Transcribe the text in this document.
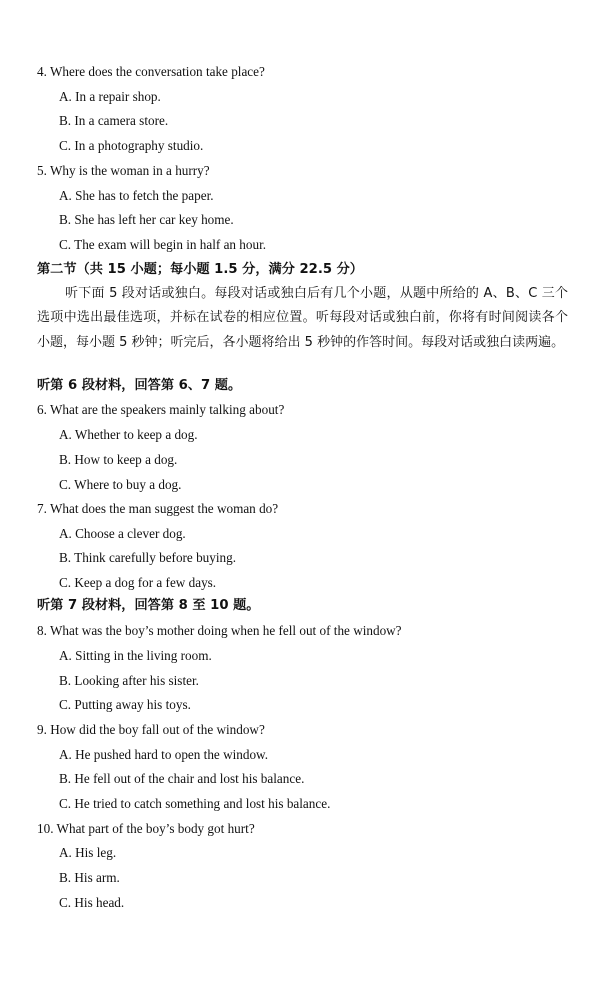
4. Where does the conversation take place?
A. In a repair shop.
B. In a camera store.
C. In a photography studio.
5. Why is the woman in a hurry?
A. She has to fetch the paper.
B. She has left her car key home.
C. The exam will begin in half an hour.
第二节（共 15 小题；每小题 1.5 分，满分 22.5 分）
听下面 5 段对话或独白。每段对话或独白后有几个小题，从题中所给的 A、B、C 三个选项中选出最佳选项，并标在试卷的相应位置。听每段对话或独白前，你将有时间阅读各个小题，每小题 5 秒钟；听完后，各小题将给出 5 秒钟的作答时间。每段对话或独白读两遍。
听第 6 段材料，回答第 6、7 题。
6. What are the speakers mainly talking about?
A. Whether to keep a dog.
B. How to keep a dog.
C. Where to buy a dog.
7. What does the man suggest the woman do?
A. Choose a clever dog.
B. Think carefully before buying.
C. Keep a dog for a few days.
听第 7 段材料，回答第 8 至 10 题。
8. What was the boy’s mother doing when he fell out of the window?
A. Sitting in the living room.
B. Looking after his sister.
C. Putting away his toys.
9. How did the boy fall out of the window?
A. He pushed hard to open the window.
B. He fell out of the chair and lost his balance.
C. He tried to catch something and lost his balance.
10. What part of the boy’s body got hurt?
A. His leg.
B. His arm.
C. His head.
